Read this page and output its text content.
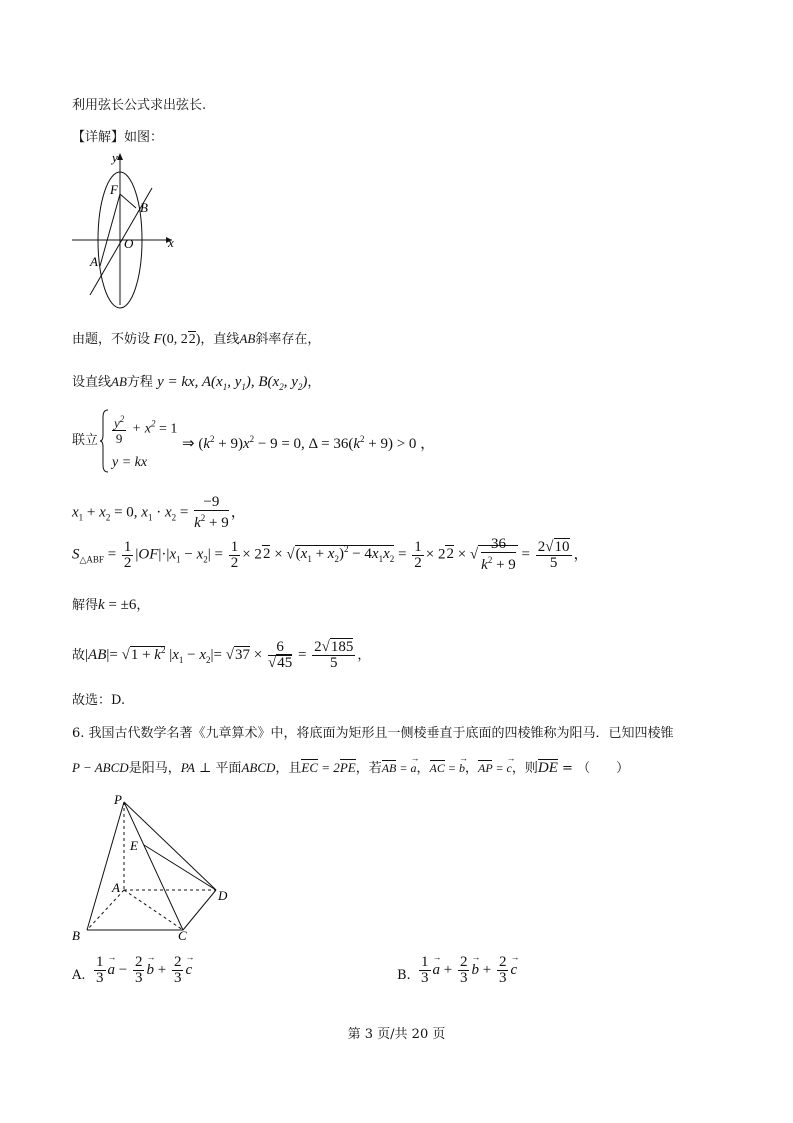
利用弦长公式求出弦长.
【详解】如图：
y
F
B
O	x
A
由题，不妨设 F(0, 22)，直线AB斜率存在，
设直线AB方程 y = kx, $A(x_1$, $y_1$), $B(x_2$, $y_2$)，
联立 $\frac{y^2}{9} + x^2 = 1$
y = kx
⇒ $(k^2 + 9)x^2 - 9 = 0$, $\Delta = 36(k^2 + 9) > 0$ ，
$x_1 + x_2 = 0$, $x_1 \cdot x_2 = \frac{-9}{k^2 + 9}$ ，
$S_{\triangle ABF} = \frac{1}{2} |OF|\cdot|x_1 - x_2| = \frac{1}{2} \times 22 \times √(x_1 + x_2)^2 - 4x_1x_2 = \frac{1}{2} \times 22$ × √ $\frac{36}{k^2 + 9} = \frac{2√10}{5}$ ，
解得k = ±6，
故$|AB|= √1 + k^2$ $|x_1 - x_2|= √37 \times \frac{6}{√45} = \frac{2√185}{5}$ ，
故选：D.
6. 我国古代数学名著《九章算术》中，将底面为矩形且一侧棱垂直于底面的四棱锥称为阳马．已知四棱锥
P − ABCD是阳马，PA ⊥ 平面ABCD，且EC = 2PE，若AB = → a，AC = → b，AP = → c，则DE = （　　）
P
E
A
D
B	C
A. $\frac{1}{3}$
→ $a - \frac{2}{3}$
→ $b + \frac{2}{3}$
→ c	B. $\frac{1}{3}$
→ $a + \frac{2}{3}$
→ $b + \frac{2}{3}$
→ c
第 3 页/共 20 页
